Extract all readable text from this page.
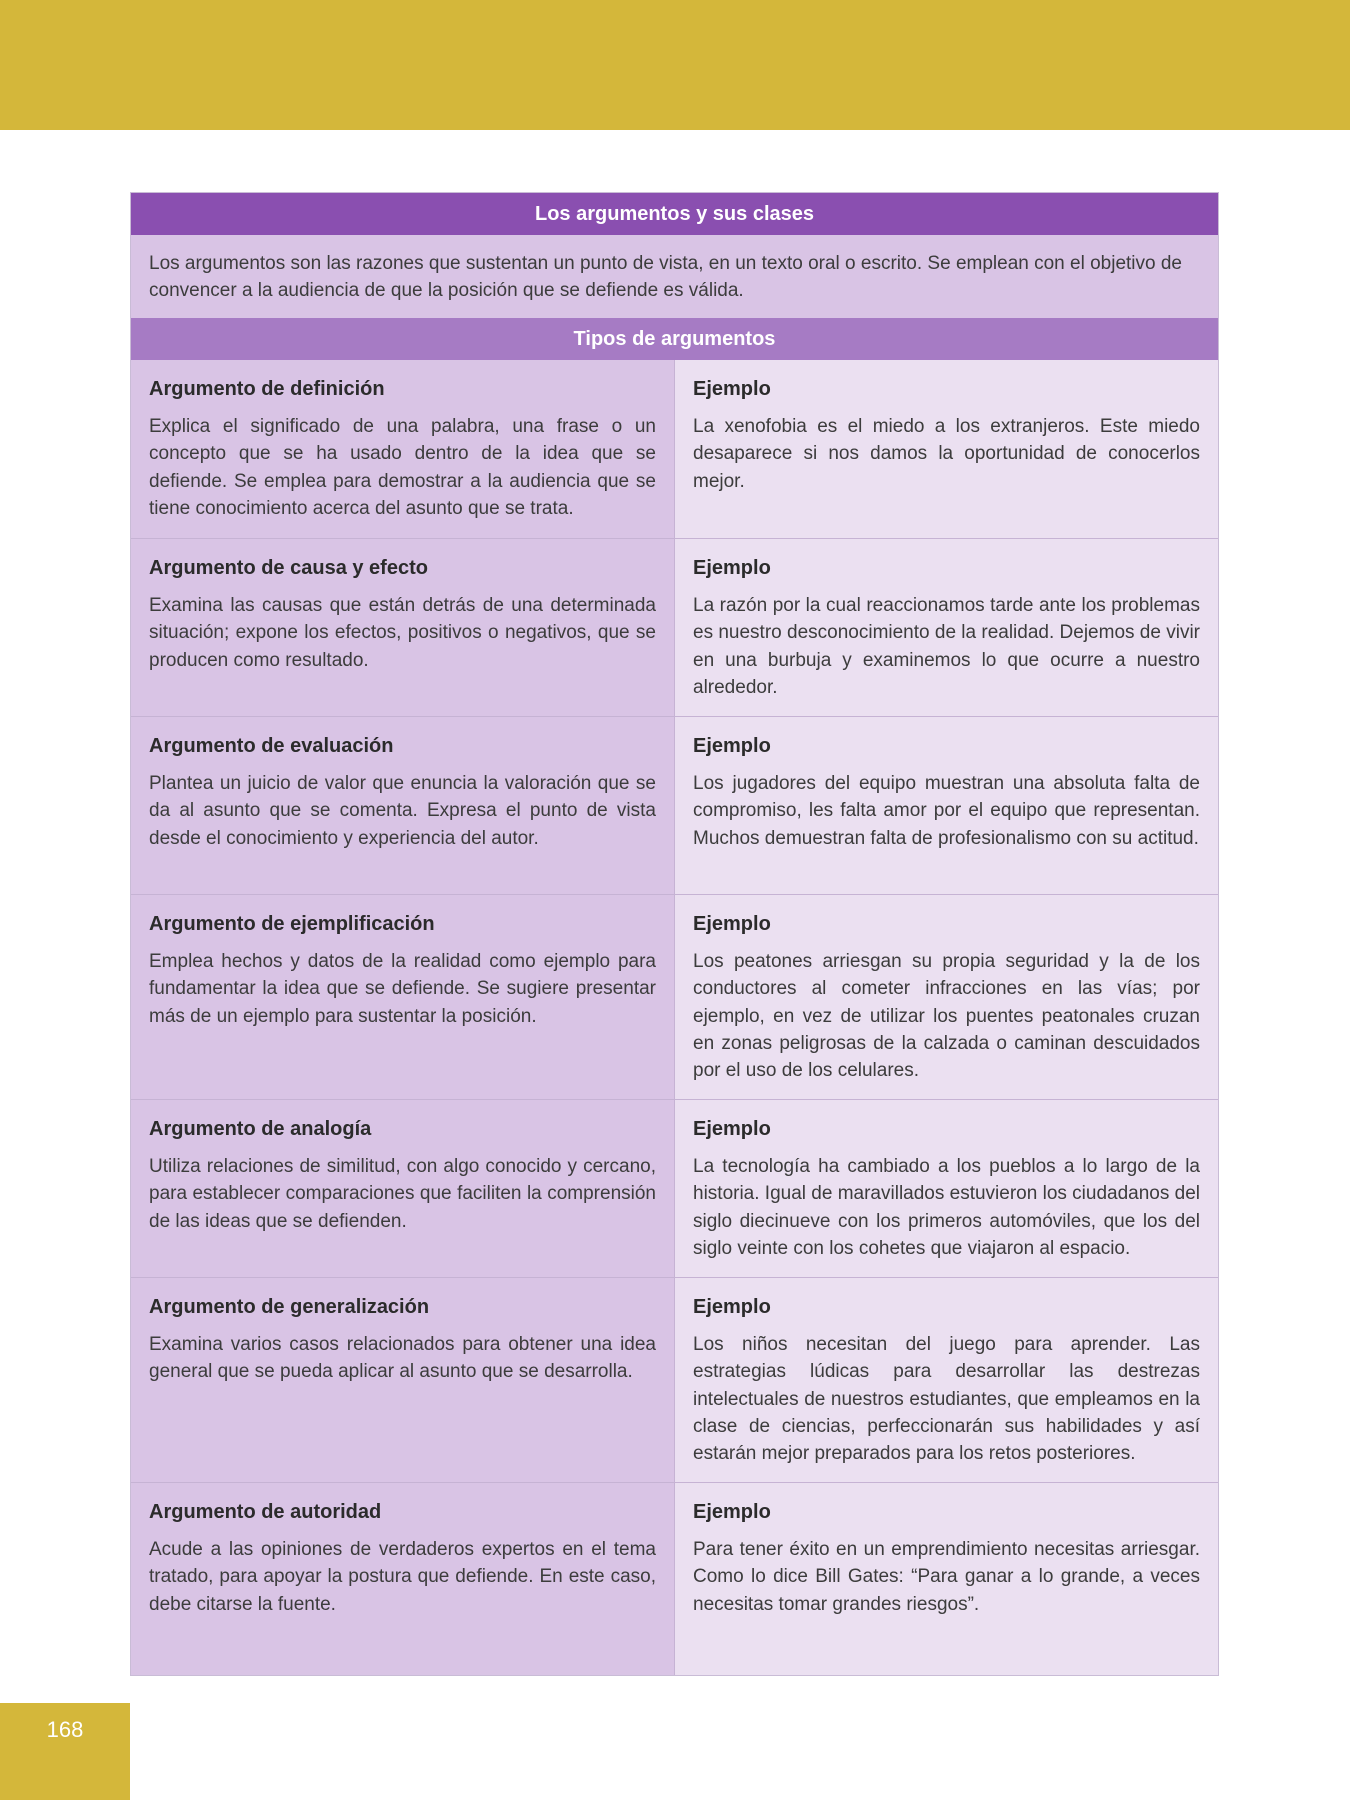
Los argumentos y sus clases
Los argumentos son las razones que sustentan un punto de vista, en un texto oral o escrito. Se emplean con el objetivo de convencer a la audiencia de que la posición que se defiende es válida.
Tipos de argumentos
Argumento de definición
Explica el significado de una palabra, una frase o un concepto que se ha usado dentro de la idea que se defiende. Se emplea para demostrar a la audiencia que se tiene conocimiento acerca del asunto que se trata.
Ejemplo
La xenofobia es el miedo a los extranjeros. Este miedo desaparece si nos damos la oportunidad de conocerlos mejor.
Argumento de causa y efecto
Examina las causas que están detrás de una determinada situación; expone los efectos, positivos o negativos, que se producen como resultado.
Ejemplo
La razón por la cual reaccionamos tarde ante los problemas es nuestro desconocimiento de la realidad. Dejemos de vivir en una burbuja y examinemos lo que ocurre a nuestro alrededor.
Argumento de evaluación
Plantea un juicio de valor que enuncia la valoración que se da al asunto que se comenta. Expresa el punto de vista desde el conocimiento y experiencia del autor.
Ejemplo
Los jugadores del equipo muestran una absoluta falta de compromiso, les falta amor por el equipo que representan. Muchos demuestran falta de profesionalismo con su actitud.
Argumento de ejemplificación
Emplea hechos y datos de la realidad como ejemplo para fundamentar la idea que se defiende. Se sugiere presentar más de un ejemplo para sustentar la posición.
Ejemplo
Los peatones arriesgan su propia seguridad y la de los conductores al cometer infracciones en las vías; por ejemplo, en vez de utilizar los puentes peatonales cruzan en zonas peligrosas de la calzada o caminan descuidados por el uso de los celulares.
Argumento de analogía
Utiliza relaciones de similitud, con algo conocido y cercano, para establecer comparaciones que faciliten la comprensión de las ideas que se defienden.
Ejemplo
La tecnología ha cambiado a los pueblos a lo largo de la historia. Igual de maravillados estuvieron los ciudadanos del siglo diecinueve con los primeros automóviles, que los del siglo veinte con los cohetes que viajaron al espacio.
Argumento de generalización
Examina varios casos relacionados para obtener una idea general que se pueda aplicar al asunto que se desarrolla.
Ejemplo
Los niños necesitan del juego para aprender. Las estrategias lúdicas para desarrollar las destrezas intelectuales de nuestros estudiantes, que empleamos en la clase de ciencias, perfeccionarán sus habilidades y así estarán mejor preparados para los retos posteriores.
Argumento de autoridad
Acude a las opiniones de verdaderos expertos en el tema tratado, para apoyar la postura que defiende. En este caso, debe citarse la fuente.
Ejemplo
Para tener éxito en un emprendimiento necesitas arriesgar. Como lo dice Bill Gates: “Para ganar a lo grande, a veces necesitas tomar grandes riesgos”.
168
